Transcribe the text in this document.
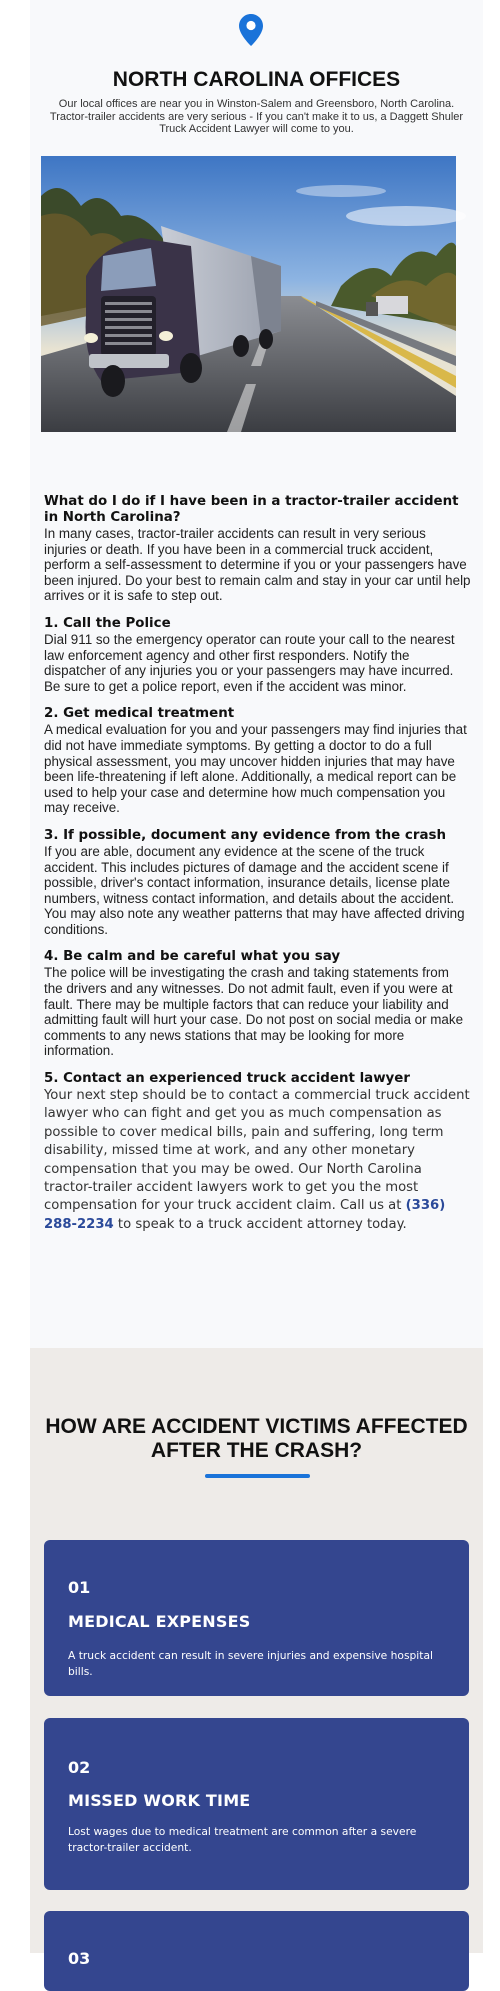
NORTH CAROLINA OFFICES
Our local offices are near you in Winston-Salem and Greensboro, North Carolina. Tractor-trailer accidents are very serious - If you can't make it to us, a Daggett Shuler Truck Accident Lawyer will come to you.
What do I do if I have been in a tractor-trailer accident in North Carolina?

In many cases, tractor-trailer accidents can result in very serious injuries or death. If you have been in a commercial truck accident, perform a self-assessment to determine if you or your passengers have been injured. Do your best to remain calm and stay in your car until help arrives or it is safe to step out.

1. Call the Police

Dial 911 so the emergency operator can route your call to the nearest law enforcement agency and other first responders. Notify the dispatcher of any injuries you or your passengers may have incurred. Be sure to get a police report, even if the accident was minor.

2. Get medical treatment

A medical evaluation for you and your passengers may find injuries that did not have immediate symptoms. By getting a doctor to do a full physical assessment, you may uncover hidden injuries that may have been life-threatening if left alone. Additionally, a medical report can be used to help your case and determine how much compensation you may receive.

3. If possible, document any evidence from the crash

If you are able, document any evidence at the scene of the truck accident. This includes pictures of damage and the accident scene if possible, driver's contact information, insurance details, license plate numbers, witness contact information, and details about the accident. You may also note any weather patterns that may have affected driving conditions.

4. Be calm and be careful what you say

The police will be investigating the crash and taking statements from the drivers and any witnesses. Do not admit fault, even if you were at fault. There may be multiple factors that can reduce your liability and admitting fault will hurt your case. Do not post on social media or make comments to any news stations that may be looking for more information.

5. Contact an experienced truck accident lawyer

Your next step should be to contact a commercial truck accident lawyer who can fight and get you as much compensation as possible to cover medical bills, pain and suffering, long term disability, missed time at work, and any other monetary compensation that you may be owed. Our North Carolina tractor-trailer accident lawyers work to get you the most compensation for your truck accident claim. Call us at (336) 288-2234 to speak to a truck accident attorney today.

HOW ARE ACCIDENT VICTIMS AFFECTED AFTER THE CRASH?
01
MEDICAL EXPENSES
A truck accident can result in severe injuries and expensive hospital bills.
02
MISSED WORK TIME
Lost wages due to medical treatment are common after a severe tractor-trailer accident.
03
